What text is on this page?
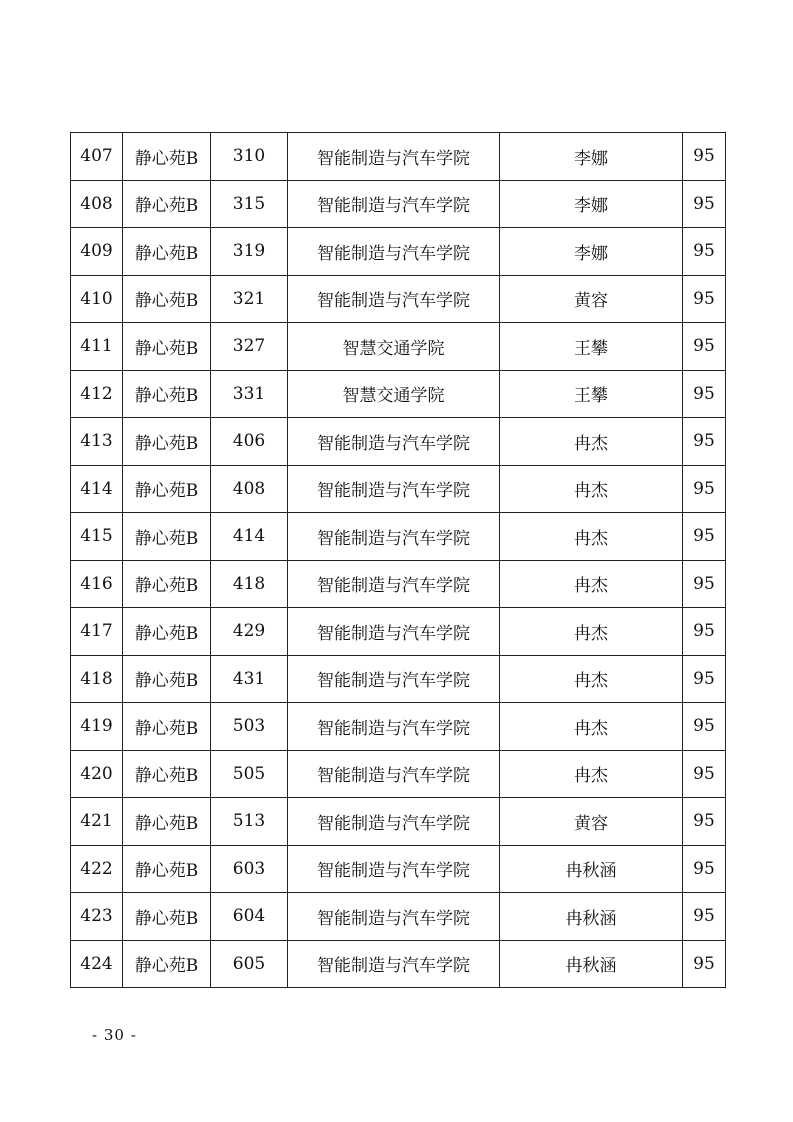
407	静心苑B	310	智能制造与汽车学院	李娜	95
408	静心苑B	315	智能制造与汽车学院	李娜	95
409	静心苑B	319	智能制造与汽车学院	李娜	95
410	静心苑B	321	智能制造与汽车学院	黄容	95
411	静心苑B	327	智慧交通学院	王攀	95
412	静心苑B	331	智慧交通学院	王攀	95
413	静心苑B	406	智能制造与汽车学院	冉杰	95
414	静心苑B	408	智能制造与汽车学院	冉杰	95
415	静心苑B	414	智能制造与汽车学院	冉杰	95
416	静心苑B	418	智能制造与汽车学院	冉杰	95
417	静心苑B	429	智能制造与汽车学院	冉杰	95
418	静心苑B	431	智能制造与汽车学院	冉杰	95
419	静心苑B	503	智能制造与汽车学院	冉杰	95
420	静心苑B	505	智能制造与汽车学院	冉杰	95
421	静心苑B	513	智能制造与汽车学院	黄容	95
422	静心苑B	603	智能制造与汽车学院	冉秋涵	95
423	静心苑B	604	智能制造与汽车学院	冉秋涵	95
424	静心苑B	605	智能制造与汽车学院	冉秋涵	95
- 30 -
